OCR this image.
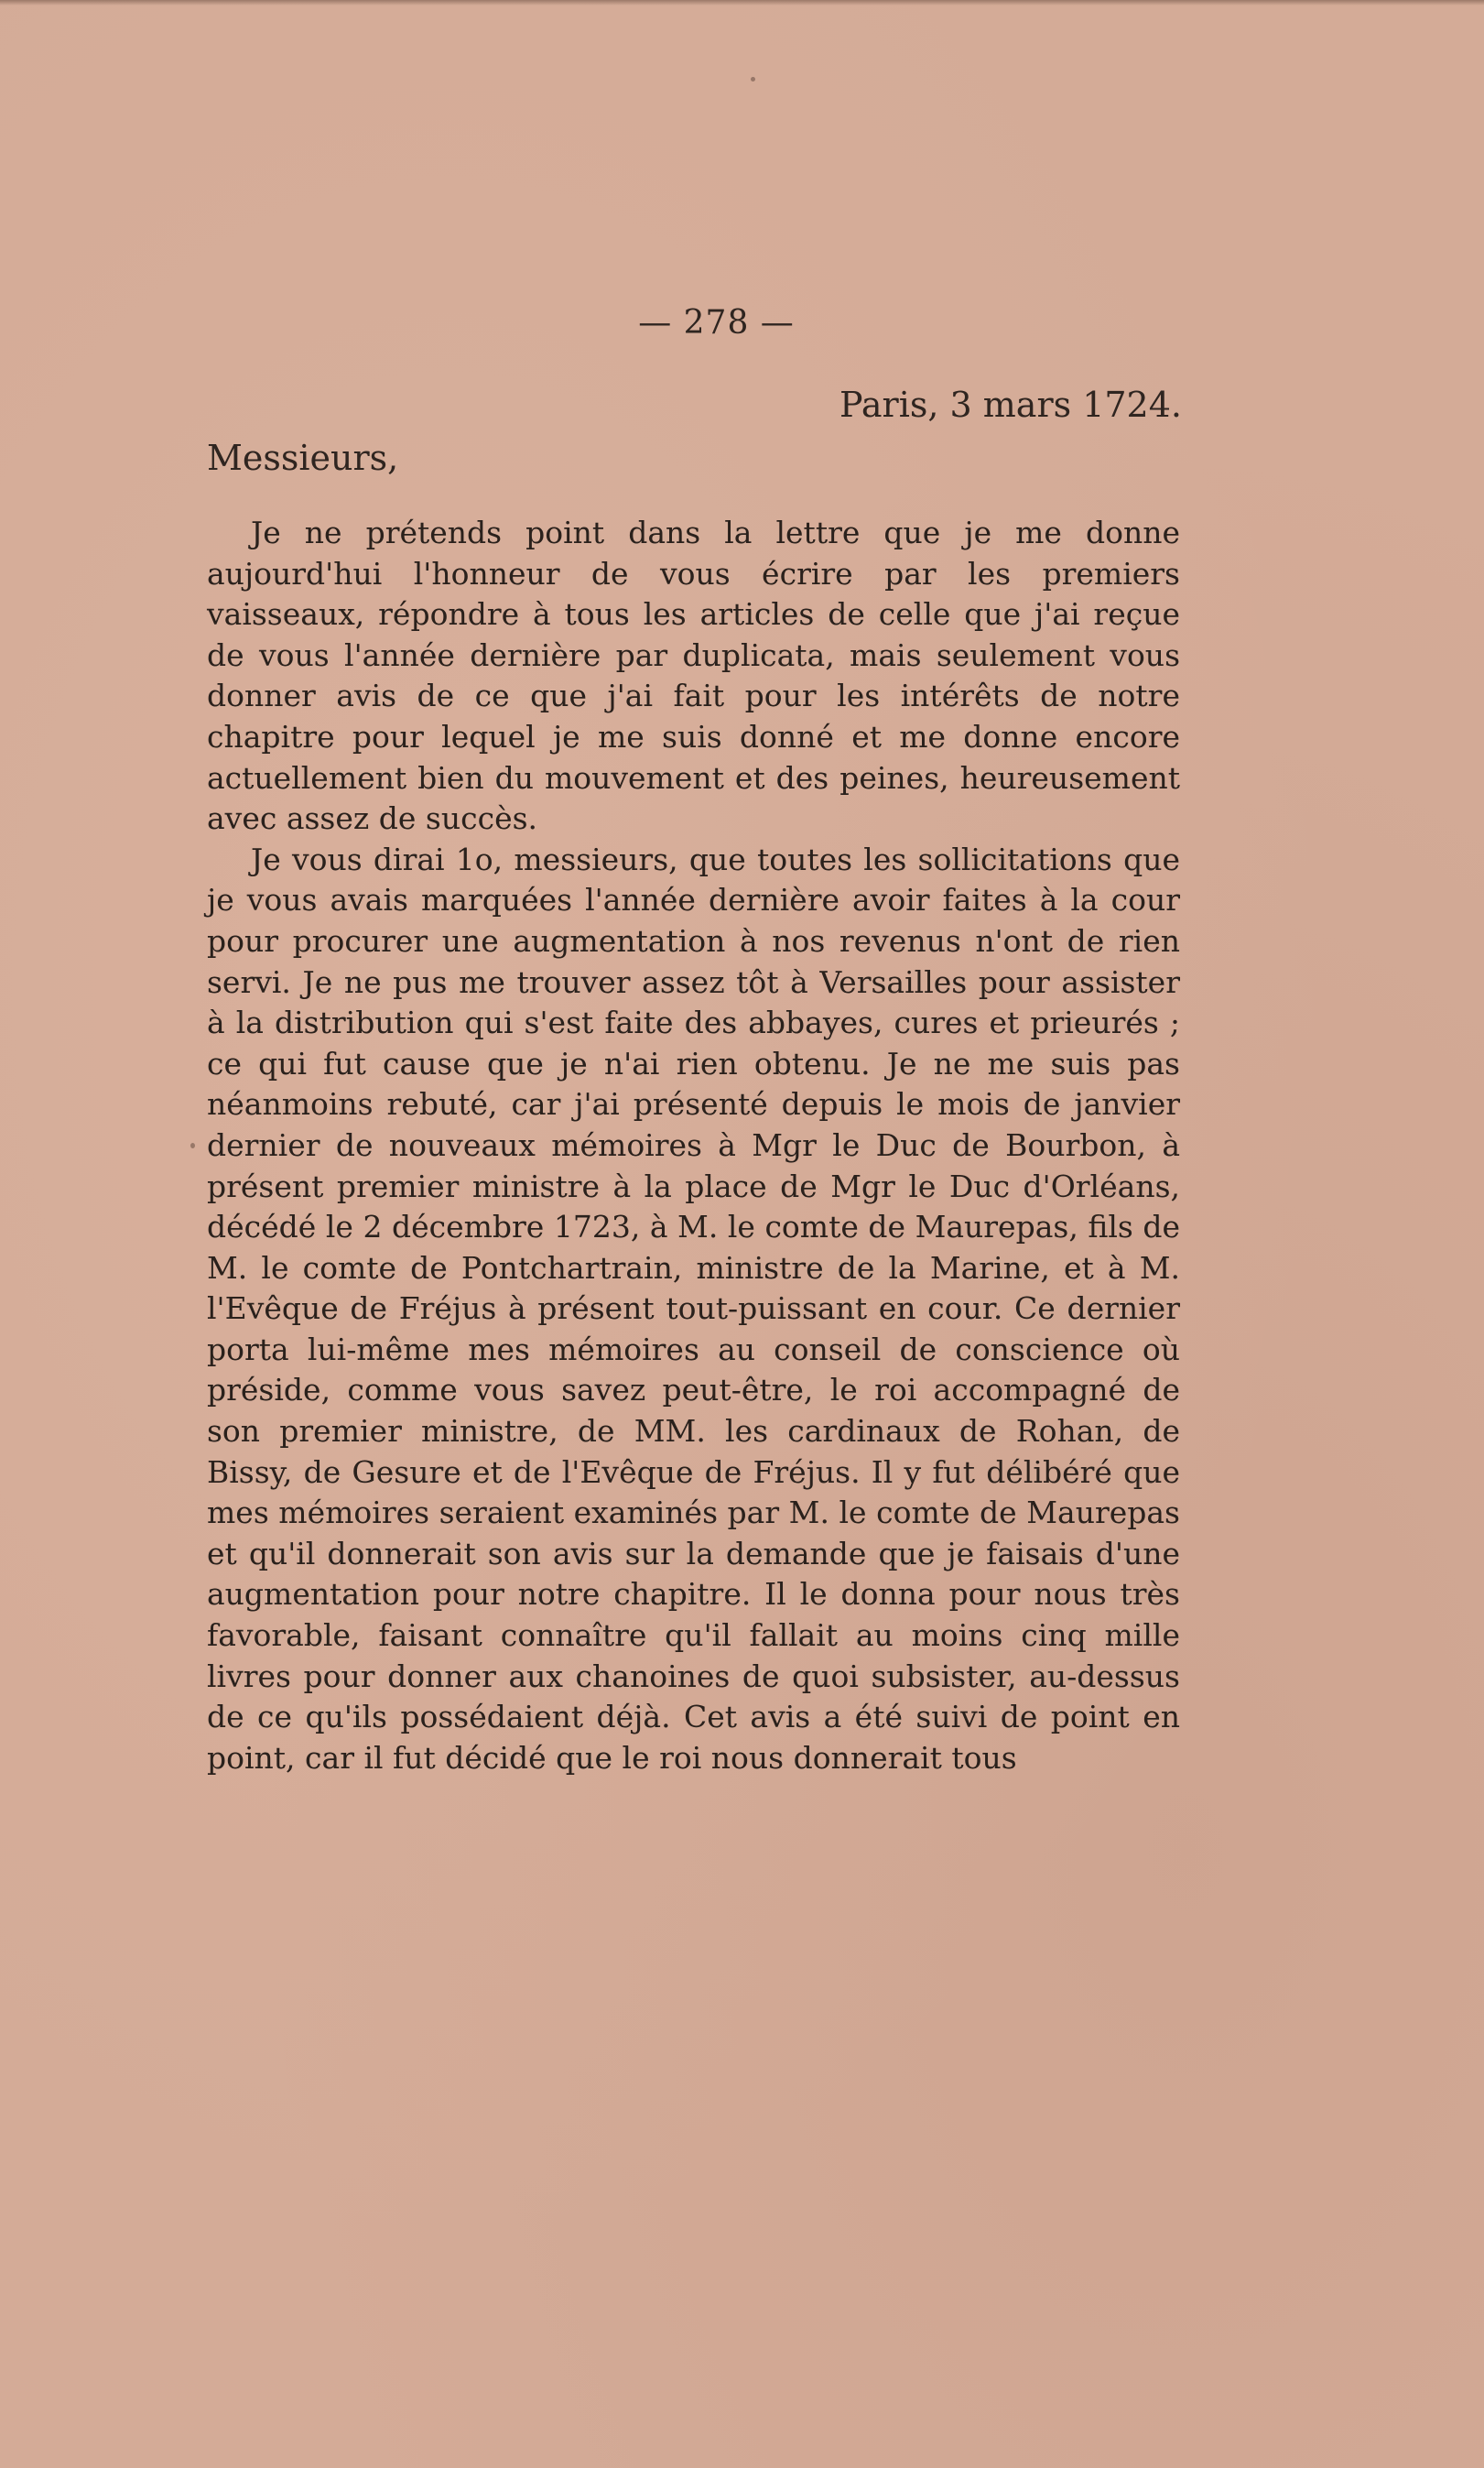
— 278 —
Paris, 3 mars 1724.
Messieurs,

Je ne prétends point dans la lettre que je me donne aujourd'hui l'honneur de vous écrire par les premiers vaisseaux, répondre à tous les articles de celle que j'ai reçue de vous l'année dernière par duplicata, mais seulement vous donner avis de ce que j'ai fait pour les intérêts de notre chapitre pour lequel je me suis donné et me donne encore actuellement bien du mouvement et des peines, heureusement avec assez de succès.

Je vous dirai 1o, messieurs, que toutes les sollicitations que je vous avais marquées l'année dernière avoir faites à la cour pour procurer une augmentation à nos revenus n'ont de rien servi. Je ne pus me trouver assez tôt à Versailles pour assister à la distribution qui s'est faite des abbayes, cures et prieurés ; ce qui fut cause que je n'ai rien obtenu. Je ne me suis pas néanmoins rebuté, car j'ai présenté depuis le mois de janvier dernier de nouveaux mémoires à Mgr le Duc de Bourbon, à présent premier ministre à la place de Mgr le Duc d'Orléans, décédé le 2 décembre 1723, à M. le comte de Maurepas, fils de M. le comte de Pontchartrain, ministre de la Marine, et à M. l'Evêque de Fréjus à présent tout-puissant en cour. Ce dernier porta lui-même mes mémoires au conseil de conscience où préside, comme vous savez peut-être, le roi accompagné de son premier ministre, de MM. les cardinaux de Rohan, de Bissy, de Gesure et de l'Evêque de Fréjus. Il y fut délibéré que mes mémoires seraient examinés par M. le comte de Maurepas et qu'il donnerait son avis sur la demande que je faisais d'une augmentation pour notre chapitre. Il le donna pour nous très favorable, faisant connaître qu'il fallait au moins cinq mille livres pour donner aux chanoines de quoi subsister, au-dessus de ce qu'ils possédaient déjà. Cet avis a été suivi de point en point, car il fut décidé que le roi nous donnerait tous
